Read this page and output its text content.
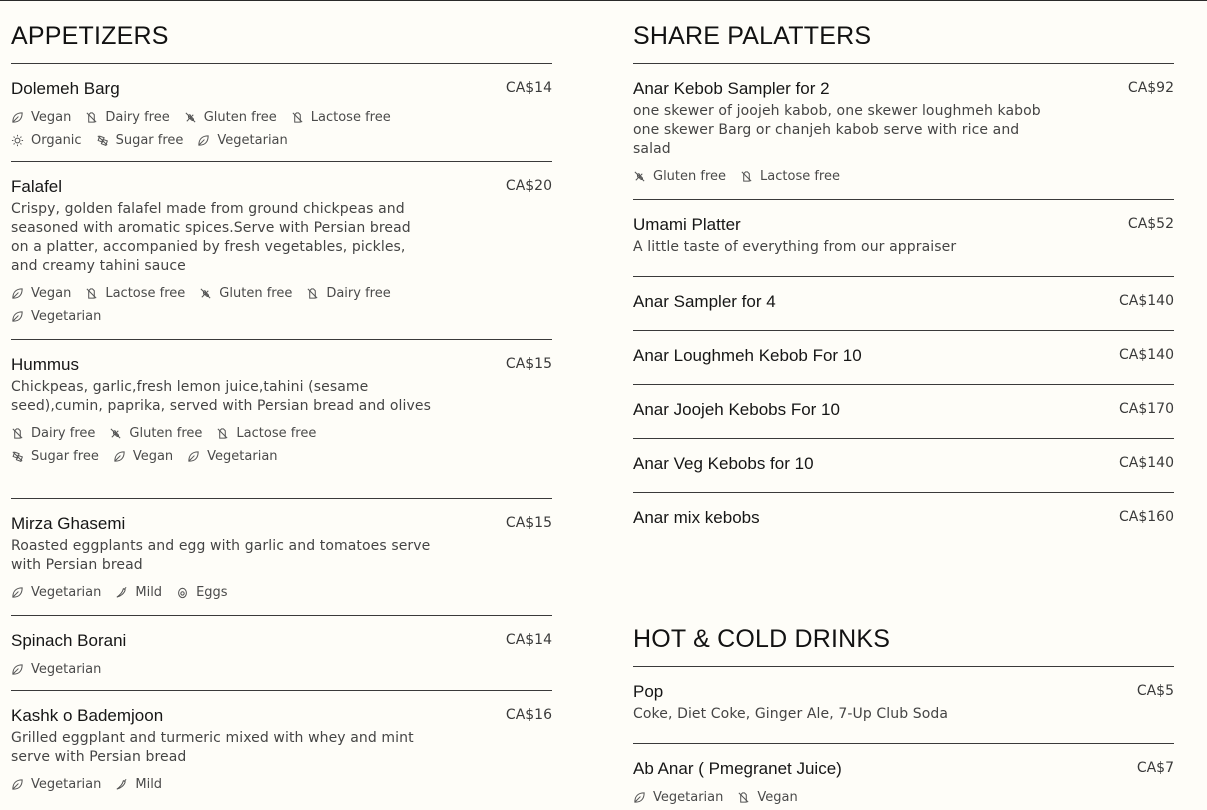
APPETIZERS
Dolemeh Barg	CA$14
Vegan	Dairy free	Gluten free	Lactose free
Organic	Sugar free	Vegetarian
Falafel	CA$20
Crispy, golden falafel made from ground chickpeas and seasoned with aromatic spices.Serve with Persian bread on a platter, accompanied by fresh vegetables, pickles, and creamy tahini sauce
Vegan	Lactose free	Gluten free	Dairy free
Vegetarian
Hummus	CA$15
Chickpeas, garlic,fresh lemon juice,tahini (sesame seed),cumin, paprika, served with Persian bread and olives
Dairy free	Gluten free	Lactose free
Sugar free	Vegan	Vegetarian
Mirza Ghasemi	CA$15
Roasted eggplants and egg with garlic and tomatoes serve with Persian bread
Vegetarian	Mild	Eggs
Spinach Borani	CA$14
Vegetarian
Kashk o Bademjoon	CA$16
Grilled eggplant and turmeric mixed with whey and mint serve with Persian bread
Vegetarian	Mild
SHARE PALATTERS
Anar Kebob Sampler for 2	CA$92
one skewer of joojeh kabob, one skewer loughmeh kabob one skewer Barg or chanjeh kabob serve with rice and salad
Gluten free	Lactose free
Umami Platter	CA$52
A little taste of everything from our appraiser
Anar Sampler for 4	CA$140
Anar Loughmeh Kebob For 10	CA$140
Anar Joojeh Kebobs For 10	CA$170
Anar Veg Kebobs for 10	CA$140
Anar mix kebobs	CA$160
HOT & COLD DRINKS
Pop	CA$5
Coke, Diet Coke, Ginger Ale, 7-Up Club Soda
Ab Anar ( Pmegranet Juice)	CA$7
Vegetarian	Vegan
